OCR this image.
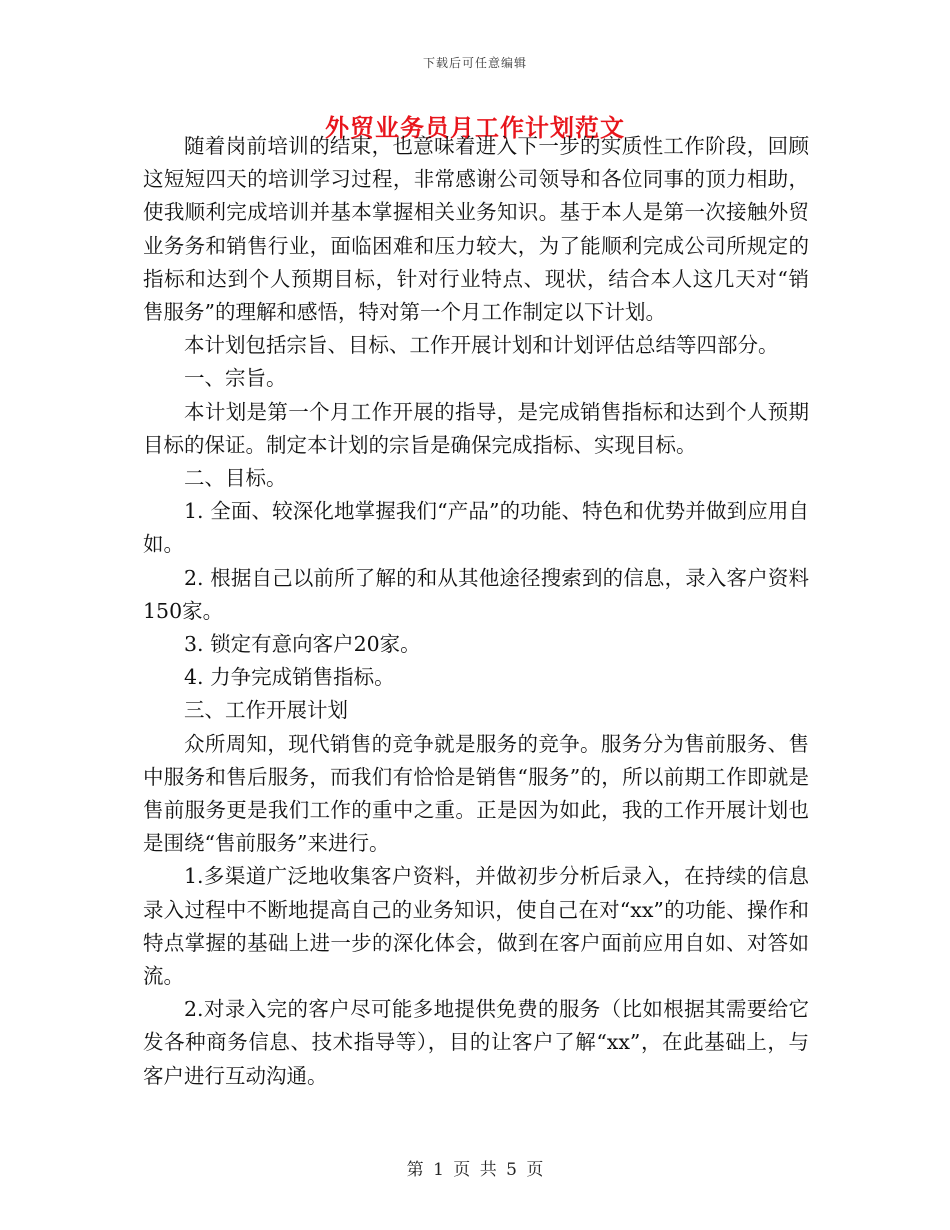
下载后可任意编辑
外贸业务员月工作计划范文

随着岗前培训的结束，也意味着进入下一步的实质性工作阶段，回顾这短短四天的培训学习过程，非常感谢公司领导和各位同事的顶力相助，使我顺利完成培训并基本掌握相关业务知识。基于本人是第一次接触外贸业务务和销售行业，面临困难和压力较大，为了能顺利完成公司所规定的指标和达到个人预期目标，针对行业特点、现状，结合本人这几天对“销售服务”的理解和感悟，特对第一个月工作制定以下计划。

本计划包括宗旨、目标、工作开展计划和计划评估总结等四部分。

一、宗旨。

本计划是第一个月工作开展的指导，是完成销售指标和达到个人预期目标的保证。制定本计划的宗旨是确保完成指标、实现目标。

二、目标。

1. 全面、较深化地掌握我们“产品”的功能、特色和优势并做到应用自如。

2. 根据自己以前所了解的和从其他途径搜索到的信息，录入客户资料150家。

3. 锁定有意向客户20家。

4. 力争完成销售指标。

三、工作开展计划

众所周知，现代销售的竞争就是服务的竞争。服务分为售前服务、售中服务和售后服务，而我们有恰恰是销售“服务”的，所以前期工作即就是售前服务更是我们工作的重中之重。正是因为如此，我的工作开展计划也是围绕“售前服务”来进行。

1.多渠道广泛地收集客户资料，并做初步分析后录入，在持续的信息录入过程中不断地提高自己的业务知识，使自己在对“xx”的功能、操作和特点掌握的基础上进一步的深化体会，做到在客户面前应用自如、对答如流。

2.对录入完的客户尽可能多地提供免费的服务（比如根据其需要给它发各种商务信息、技术指导等），目的让客户了解“xx”，在此基础上，与客户进行互动沟通。

第 1 页 共 5 页
